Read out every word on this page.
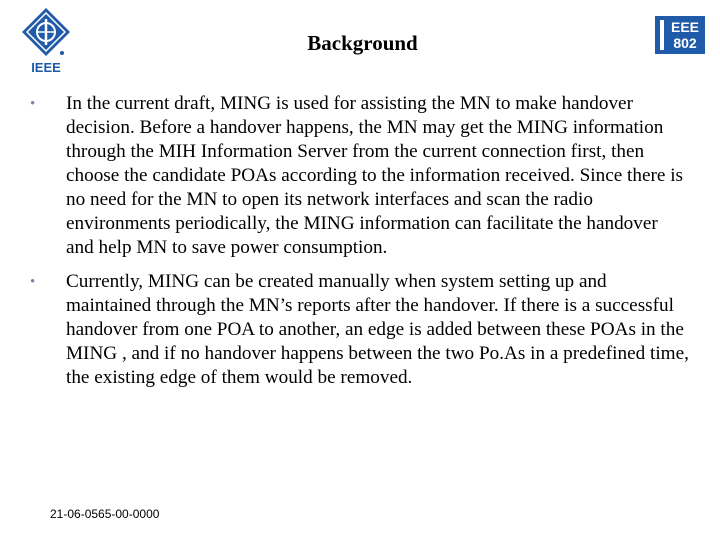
IEEE
Background
EEE
802
• In the current draft, MING is used for assisting the MN to make handover decision. Before a handover happens, the MN may get the MING information through the MIH Information Server from the current connection first, then choose the candidate POAs according to the information received. Since there is no need for the MN to open its network interfaces and scan the radio environments periodically, the MING information can facilitate the handover and help MN to save power consumption.
• Currently, MING can be created manually when system setting up and maintained through the MN’s reports after the handover. If there is a successful handover from one POA to another, an edge is added between these POAs in the MING , and if no handover happens between the two Po.As in a predefined time, the existing edge of them would be removed.
21-06-0565-00-0000
